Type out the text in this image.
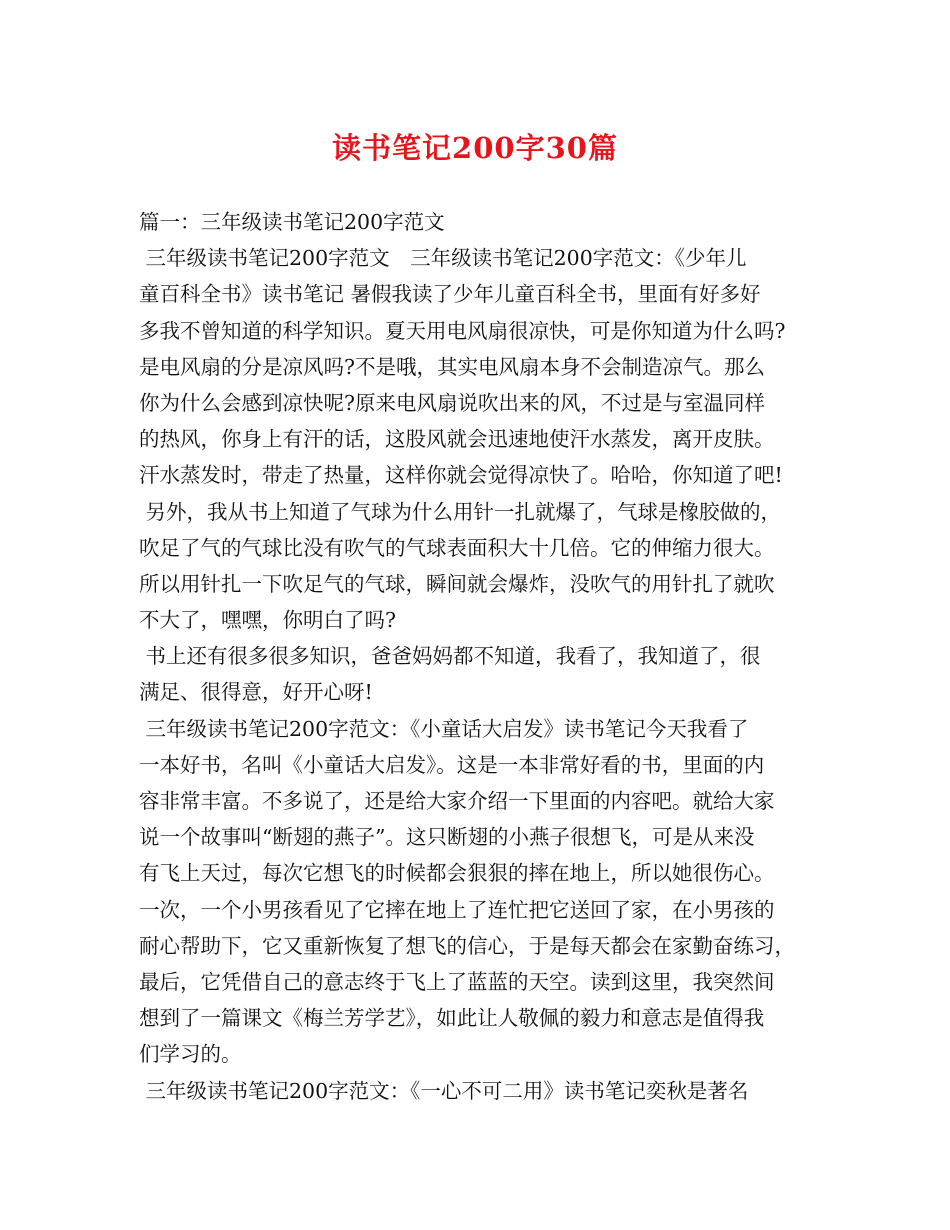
读书笔记200字30篇
篇一：三年级读书笔记200字范文
三年级读书笔记200字范文　三年级读书笔记200字范文：《少年儿
童百科全书》读书笔记 暑假我读了少年儿童百科全书，里面有好多好
多我不曾知道的科学知识。夏天用电风扇很凉快，可是你知道为什么吗?
是电风扇的分是凉风吗?不是哦，其实电风扇本身不会制造凉气。那么
你为什么会感到凉快呢?原来电风扇说吹出来的风，不过是与室温同样
的热风，你身上有汗的话，这股风就会迅速地使汗水蒸发，离开皮肤。
汗水蒸发时，带走了热量，这样你就会觉得凉快了。哈哈，你知道了吧!
另外，我从书上知道了气球为什么用针一扎就爆了，气球是橡胶做的，
吹足了气的气球比没有吹气的气球表面积大十几倍。它的伸缩力很大。
所以用针扎一下吹足气的气球，瞬间就会爆炸，没吹气的用针扎了就吹
不大了，嘿嘿，你明白了吗?
书上还有很多很多知识，爸爸妈妈都不知道，我看了，我知道了，很
满足、很得意，好开心呀!
三年级读书笔记200字范文：《小童话大启发》读书笔记今天我看了
一本好书，名叫《小童话大启发》。这是一本非常好看的书，里面的内
容非常丰富。不多说了，还是给大家介绍一下里面的内容吧。就给大家
说一个故事叫“断翅的燕子”。这只断翅的小燕子很想飞，可是从来没
有飞上天过，每次它想飞的时候都会狠狠的摔在地上，所以她很伤心。
一次，一个小男孩看见了它摔在地上了连忙把它送回了家，在小男孩的
耐心帮助下，它又重新恢复了想飞的信心，于是每天都会在家勤奋练习，
最后，它凭借自己的意志终于飞上了蓝蓝的天空。读到这里，我突然间
想到了一篇课文《梅兰芳学艺》，如此让人敬佩的毅力和意志是值得我
们学习的。
三年级读书笔记200字范文：《一心不可二用》读书笔记奕秋是著名
